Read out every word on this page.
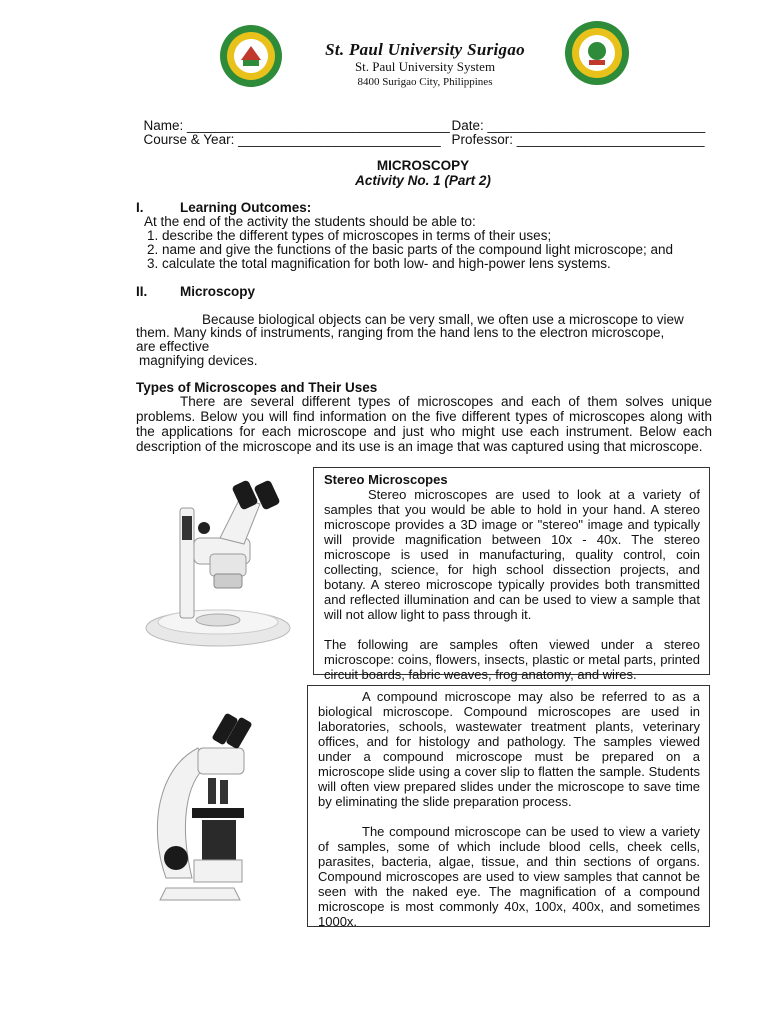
St. Paul University Surigao
St. Paul University System
8400 Surigao City, Philippines

Name: ___________________________________ Date: _____________________________

Course & Year: ___________________________ Professor: _________________________

MICROSCOPY
Activity No. 1 (Part 2)
I.	Learning Outcomes:
At the end of the activity the students should be able to:
1. describe the different types of microscopes in terms of their uses;
2. name and give the functions of the basic parts of the compound light microscope; and
3. calculate the total magnification for both low- and high-power lens systems.
II. Microscopy
Because biological objects can be very small, we often use a microscope to view
them. Many kinds of instruments, ranging from the hand lens to the electron microscope,
are effective
magnifying devices.
Types of Microscopes and Their Uses
There are several different types of microscopes and each of them solves unique problems. Below you will find information on the five different types of microscopes along with the applications for each microscope and just who might use each instrument. Below each description of the microscope and its use is an image that was captured using that microscope.

Stereo Microscopes

Stereo microscopes are used to look at a variety of samples that you would be able to hold in your hand. A stereo microscope provides a 3D image or "stereo" image and typically will provide magnification between 10x - 40x. The stereo microscope is used in manufacturing, quality control, coin collecting, science, for high school dissection projects, and botany. A stereo microscope typically provides both transmitted and reflected illumination and can be used to view a sample that will not allow light to pass through it.

The following are samples often viewed under a stereo microscope: coins, flowers, insects, plastic or metal parts, printed circuit boards, fabric weaves, frog anatomy, and wires.

A compound microscope may also be referred to as a biological microscope. Compound microscopes are used in laboratories, schools, wastewater treatment plants, veterinary offices, and for histology and pathology. The samples viewed under a compound microscope must be prepared on a microscope slide using a cover slip to flatten the sample. Students will often view prepared slides under the microscope to save time by eliminating the slide preparation process.

The compound microscope can be used to view a variety of samples, some of which include blood cells, cheek cells, parasites, bacteria, algae, tissue, and thin sections of organs. Compound microscopes are used to view samples that cannot be seen with the naked eye. The magnification of a compound microscope is most commonly 40x, 100x, 400x, and sometimes 1000x.
